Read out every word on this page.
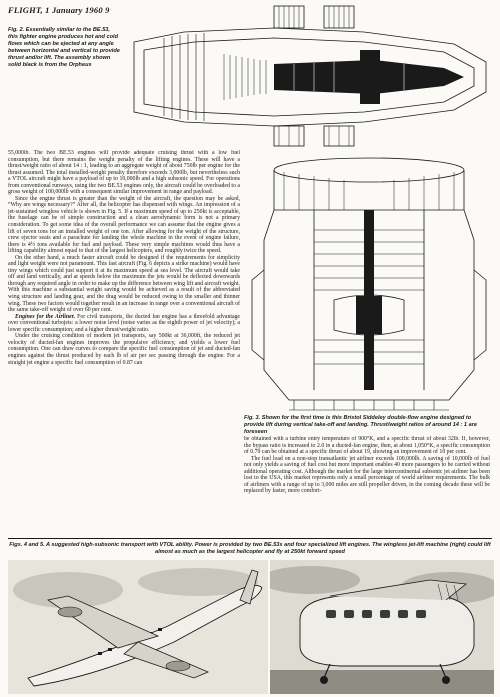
FLIGHT, 1 January 1960 9
Fig. 2. Essentially similar to the BE.53, this fighter engine produces hot and cold flows which can be ejected at any angle between horizontal and vertical to provide thrust and/or lift. The assembly shown solid black is from the Orpheus

55,000lb. The two BE.53 engines will provide adequate cruising thrust with a low fuel consumption, but there remains the weight penalty of the lifting engines. These will have a thrust/weight ratio of about 14 : 1, leading to an aggregate weight of about 750lb per engine for the thrust assumed. The total installed-weight penalty therefore exceeds 3,000lb, but nevertheless such a VTOL aircraft might have a payload of up to 10,000lb and a high subsonic speed. For operations from conventional runways, using the two BE.53 engines only, the aircraft could be overloaded to a gross weight of 100,000lb with a consequent similar improvement in range and payload.

Since the engine thrust is greater than the weight of the aircraft, the question may be asked, “Why are wings necessary?” After all, the helicopter has dispensed with wings. An impression of a jet-sustained wingless vehicle is shown in Fig. 5. If a maximum speed of up to 250kt is acceptable, the fuselage can be of simple construction and a clean aerodynamic form is not a primary consideration. To get some idea of the overall performance we can assume that the engine gives a lift of seven tons for an installed weight of one ton. After allowing for the weight of the structure, crew ejector seats and a parachute for landing the whole machine in the event of engine failure, there is 4½ tons available for fuel and payload. These very simple machines would thus have a lifting capability almost equal to that of the largest helicopters, and roughly twice the speed.

On the other hand, a much faster aircraft could be designed if the requirements for simplicity and light weight were not paramount. This fast aircraft (Fig. 6 depicts a strike machine) would have tiny wings which could just support it at its maximum speed at sea level. The aircraft would take off and land vertically, and at speeds below the maximum the jets would be deflected downwards through any required angle in order to make up the difference between wing lift and aircraft weight. With this machine a substantial weight saving would be achieved as a result of the abbreviated wing structure and landing gear, and the drag would be reduced owing to the smaller and thinner wing. These two factors would together result in an increase in range over a conventional aircraft of the same take-off weight of over 60 per cent.

Engines for the Airliner. For civil transports, the ducted fan engine has a threefold advantage over conventional turbojets: a lower noise level (noise varies as the eighth power of jet velocity); a lower specific consumption; and a higher thrust/weight ratio.

Under the cruising condition of modern jet transports, say 500kt at 36,000ft, the reduced jet velocity of ducted-fan engines improves the propulsive efficiency, and yields a lower fuel consumption. One can draw curves to compare the specific fuel consumption of jet and ducted-fan engines against the thrust produced by each lb of air per sec passing through the engine. For a straight jet engine a specific fuel consumption of 0.87 can

Fig. 3. Shown for the first time is this Bristol Siddeley double-flow engine designed to provide lift during vertical take-off and landing. Thrust/weight ratios of around 14 : 1 are foreseen

be obtained with a turbine entry temperature of 900°K, and a specific thrust of about 32lb. If, however, the bypass ratio is increased to 2.0 in a ducted-fan engine, then, at about 1,050°K, a specific consumption of 0.79 can be obtained at a specific thrust of about 19, showing an improvement of 10 per cent.

The fuel load on a non-stop transatlantic jet airliner exceeds 100,000lb. A saving of 10,000lb of fuel not only yields a saving of fuel cost but more important enables 40 more passengers to be carried without additional operating cost. Although the market for the large intercontinental subsonic jet airliner has been lost to the USA, this market represents only a small percentage of world airliner requirements. The bulk of airliners with a range of up to 3,000 miles are still propeller driven, in the coming decade these will be replaced by faster, more comfort-

Figs. 4 and 5. A suggested high-subsonic transport with VTOL ability. Power is provided by two BE.53s and four specialized lift engines. The wingless jet-lift machine (right) could lift almost as much as the largest helicopter and fly at 250kt forward speed
